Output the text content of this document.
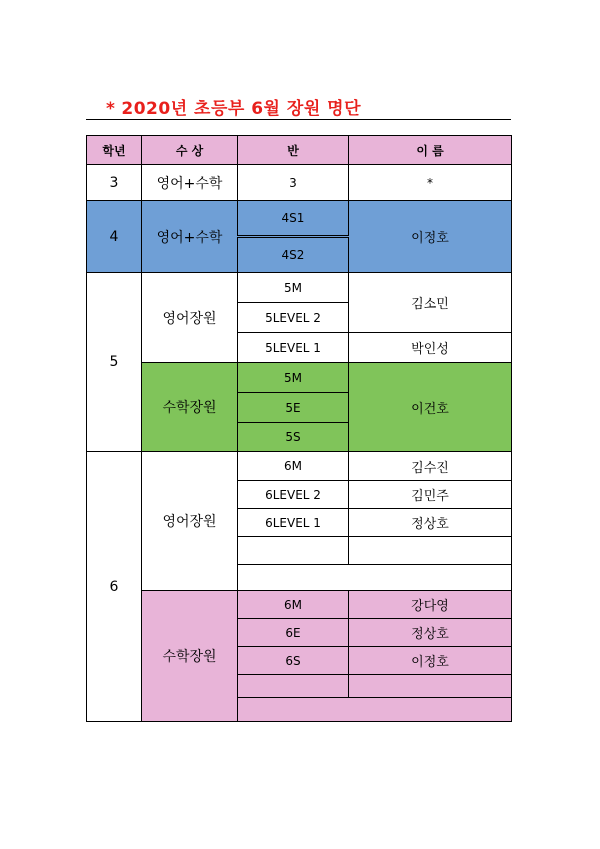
* 2020년 초등부 6월 장원 명단
학년	수 상	반	이 름
3	영어+수학	3	*
4	영어+수학	4S1	이정호
		4S2	
5	영어장원	5M	김소민
		5LEVEL 2	
		5LEVEL 1	박인성
	수학장원	5M	이건호
		5E	
		5S	
6	영어장원	6M	김수진
		6LEVEL 2	김민주
		6LEVEL 1	정상호

	수학장원	6M	강다영
		6E	정상호
		6S	이정호
